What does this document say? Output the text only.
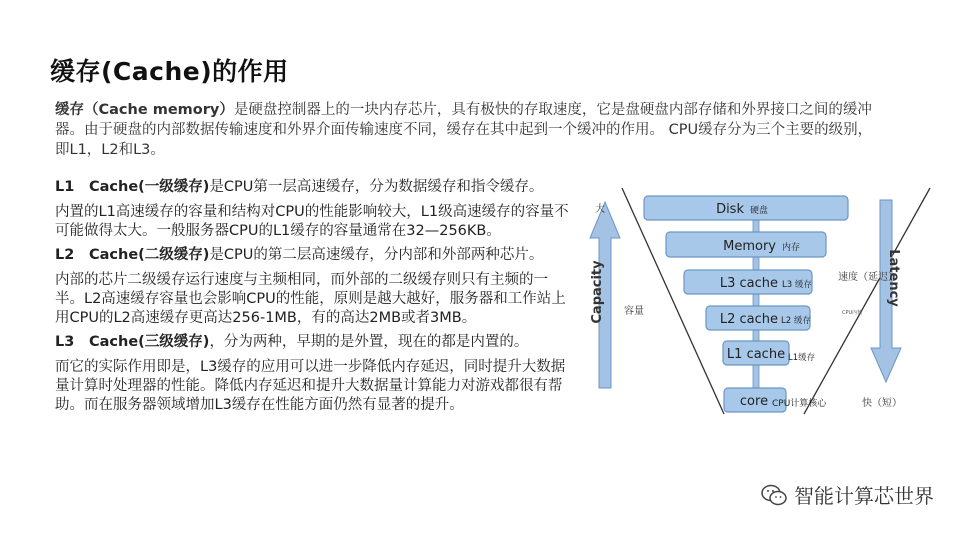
缓存(Cache)的作用
缓存（Cache memory）是硬盘控制器上的一块内存芯片，具有极快的存取速度，它是盘硬盘内部存储和外界接口之间的缓冲器。由于硬盘的内部数据传输速度和外界介面传输速度不同，缓存在其中起到一个缓冲的作用。 CPU缓存分为三个主要的级别，即L1，L2和L3。
L1 Cache(一级缓存)是CPU第一层高速缓存，分为数据缓存和指令缓存。
内置的L1高速缓存的容量和结构对CPU的性能影响较大，L1级高速缓存的容量不可能做得太大。一般服务器CPU的L1缓存的容量通常在32—256KB。
L2 Cache(二级缓存)是CPU的第二层高速缓存，分内部和外部两种芯片。
内部的芯片二级缓存运行速度与主频相同，而外部的二级缓存则只有主频的一半。L2高速缓存容量也会影响CPU的性能，原则是越大越好，服务器和工作站上用CPU的L2高速缓存更高达256-1MB，有的高达2MB或者3MB。
L3 Cache(三级缓存)，分为两种，早期的是外置，现在的都是内置的。
而它的实际作用即是，L3缓存的应用可以进一步降低内存延迟，同时提升大数据量计算时处理器的性能。降低内存延迟和提升大数据量计算能力对游戏都很有帮助。而在服务器领域增加L3缓存在性能方面仍然有显著的提升。
Capacity
大
容量
Latency
速度（延迟）
快（短）
Disk 硬盘
Memory 内存
L3 cache L3 缓存
L2 cache L2 缓存
L1 cache L1缓存
core CPU计算核心
CPU内核
智能计算芯世界
